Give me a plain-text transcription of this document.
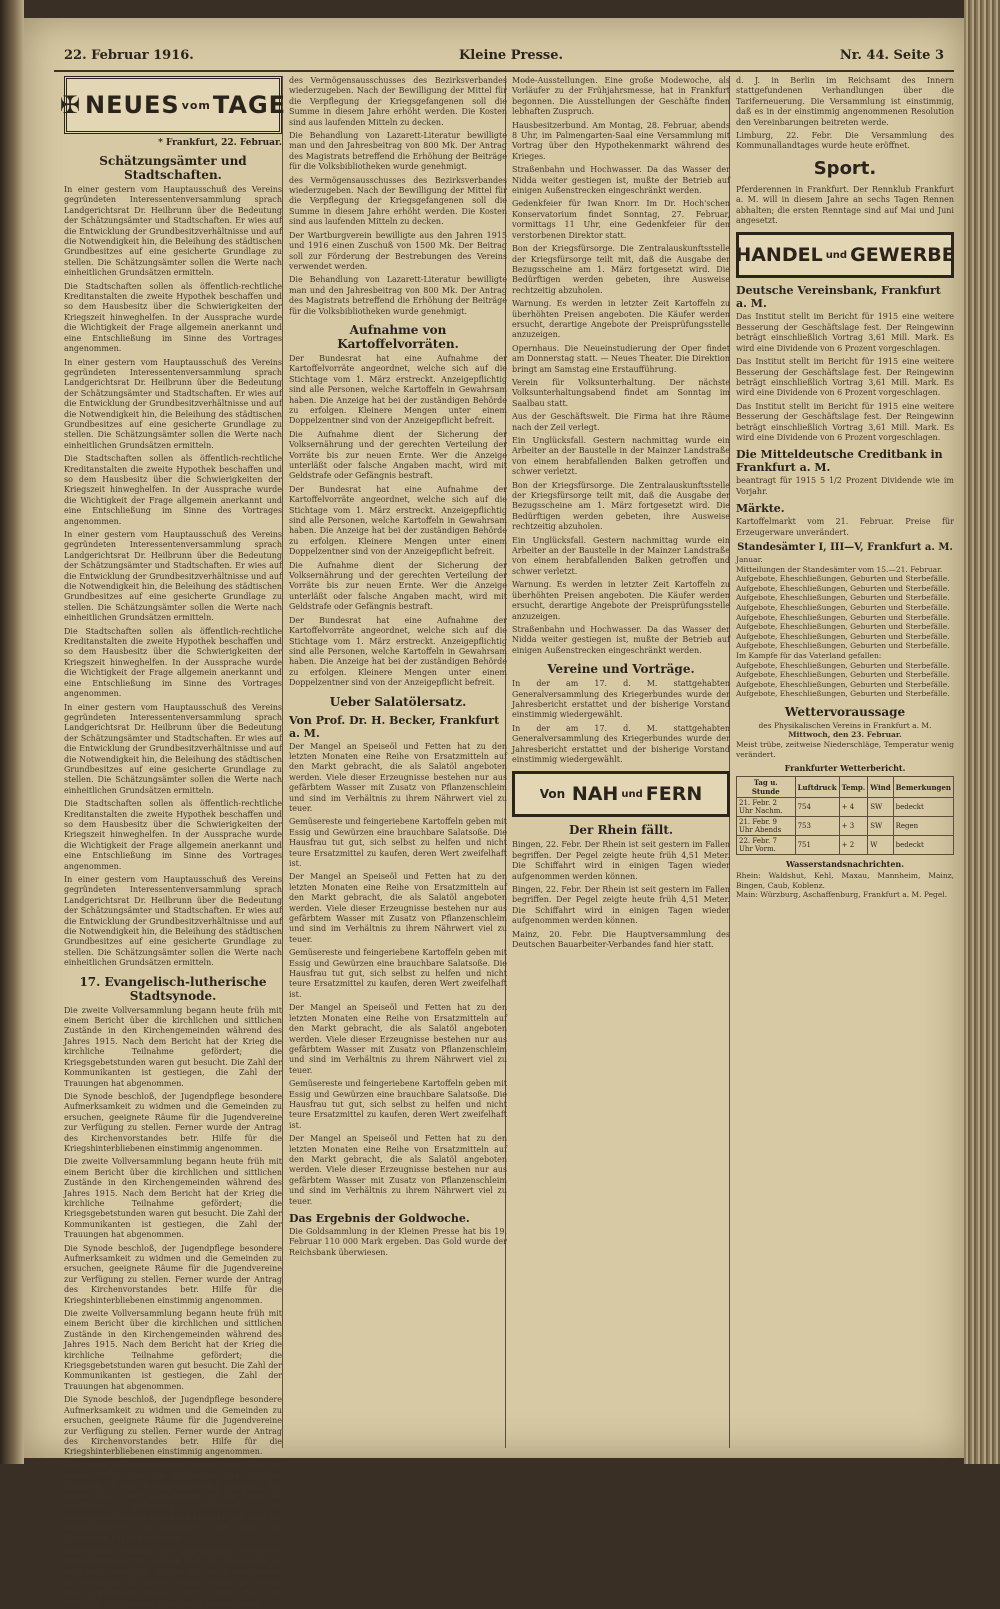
22. Februar 1916.	Kleine Presse.	Nr. 44. Seite 3
✠ NEUES vom TAGE
* Frankfurt, 22. Februar.
Schätzungsämter und Stadtschaften.

In einer gestern vom Hauptausschuß des Vereins gegründeten Interessentenversammlung sprach Landgerichtsrat Dr. Heilbrunn über die Bedeutung der Schätzungsämter und Stadtschaften. Er wies auf die Entwicklung der Grundbesitzverhältnisse und auf die Notwendigkeit hin, die Beleihung des städtischen Grundbesitzes auf eine gesicherte Grundlage zu stellen. Die Schätzungsämter sollen die Werte nach einheitlichen Grundsätzen ermitteln.

Die Stadtschaften sollen als öffentlich-rechtliche Kreditanstalten die zweite Hypothek beschaffen und so dem Hausbesitz über die Schwierigkeiten der Kriegszeit hinweghelfen. In der Aussprache wurde die Wichtigkeit der Frage allgemein anerkannt und eine Entschließung im Sinne des Vortrages angenommen.

In einer gestern vom Hauptausschuß des Vereins gegründeten Interessentenversammlung sprach Landgerichtsrat Dr. Heilbrunn über die Bedeutung der Schätzungsämter und Stadtschaften. Er wies auf die Entwicklung der Grundbesitzverhältnisse und auf die Notwendigkeit hin, die Beleihung des städtischen Grundbesitzes auf eine gesicherte Grundlage zu stellen. Die Schätzungsämter sollen die Werte nach einheitlichen Grundsätzen ermitteln.

Die Stadtschaften sollen als öffentlich-rechtliche Kreditanstalten die zweite Hypothek beschaffen und so dem Hausbesitz über die Schwierigkeiten der Kriegszeit hinweghelfen. In der Aussprache wurde die Wichtigkeit der Frage allgemein anerkannt und eine Entschließung im Sinne des Vortrages angenommen.

In einer gestern vom Hauptausschuß des Vereins gegründeten Interessentenversammlung sprach Landgerichtsrat Dr. Heilbrunn über die Bedeutung der Schätzungsämter und Stadtschaften. Er wies auf die Entwicklung der Grundbesitzverhältnisse und auf die Notwendigkeit hin, die Beleihung des städtischen Grundbesitzes auf eine gesicherte Grundlage zu stellen. Die Schätzungsämter sollen die Werte nach einheitlichen Grundsätzen ermitteln.

Die Stadtschaften sollen als öffentlich-rechtliche Kreditanstalten die zweite Hypothek beschaffen und so dem Hausbesitz über die Schwierigkeiten der Kriegszeit hinweghelfen. In der Aussprache wurde die Wichtigkeit der Frage allgemein anerkannt und eine Entschließung im Sinne des Vortrages angenommen.

In einer gestern vom Hauptausschuß des Vereins gegründeten Interessentenversammlung sprach Landgerichtsrat Dr. Heilbrunn über die Bedeutung der Schätzungsämter und Stadtschaften. Er wies auf die Entwicklung der Grundbesitzverhältnisse und auf die Notwendigkeit hin, die Beleihung des städtischen Grundbesitzes auf eine gesicherte Grundlage zu stellen. Die Schätzungsämter sollen die Werte nach einheitlichen Grundsätzen ermitteln.

Die Stadtschaften sollen als öffentlich-rechtliche Kreditanstalten die zweite Hypothek beschaffen und so dem Hausbesitz über die Schwierigkeiten der Kriegszeit hinweghelfen. In der Aussprache wurde die Wichtigkeit der Frage allgemein anerkannt und eine Entschließung im Sinne des Vortrages angenommen.

In einer gestern vom Hauptausschuß des Vereins gegründeten Interessentenversammlung sprach Landgerichtsrat Dr. Heilbrunn über die Bedeutung der Schätzungsämter und Stadtschaften. Er wies auf die Entwicklung der Grundbesitzverhältnisse und auf die Notwendigkeit hin, die Beleihung des städtischen Grundbesitzes auf eine gesicherte Grundlage zu stellen. Die Schätzungsämter sollen die Werte nach einheitlichen Grundsätzen ermitteln.

17. Evangelisch-lutherische Stadtsynode.

Die zweite Vollversammlung begann heute früh mit einem Bericht über die kirchlichen und sittlichen Zustände in den Kirchengemeinden während des Jahres 1915. Nach dem Bericht hat der Krieg die kirchliche Teilnahme gefördert; die Kriegsgebetstunden waren gut besucht. Die Zahl der Kommunikanten ist gestiegen, die Zahl der Trauungen hat abgenommen.

Die Synode beschloß, der Jugendpflege besondere Aufmerksamkeit zu widmen und die Gemeinden zu ersuchen, geeignete Räume für die Jugendvereine zur Verfügung zu stellen. Ferner wurde der Antrag des Kirchenvorstandes betr. Hilfe für die Kriegshinterbliebenen einstimmig angenommen.

Die zweite Vollversammlung begann heute früh mit einem Bericht über die kirchlichen und sittlichen Zustände in den Kirchengemeinden während des Jahres 1915. Nach dem Bericht hat der Krieg die kirchliche Teilnahme gefördert; die Kriegsgebetstunden waren gut besucht. Die Zahl der Kommunikanten ist gestiegen, die Zahl der Trauungen hat abgenommen.

Die Synode beschloß, der Jugendpflege besondere Aufmerksamkeit zu widmen und die Gemeinden zu ersuchen, geeignete Räume für die Jugendvereine zur Verfügung zu stellen. Ferner wurde der Antrag des Kirchenvorstandes betr. Hilfe für die Kriegshinterbliebenen einstimmig angenommen.

Die zweite Vollversammlung begann heute früh mit einem Bericht über die kirchlichen und sittlichen Zustände in den Kirchengemeinden während des Jahres 1915. Nach dem Bericht hat der Krieg die kirchliche Teilnahme gefördert; die Kriegsgebetstunden waren gut besucht. Die Zahl der Kommunikanten ist gestiegen, die Zahl der Trauungen hat abgenommen.

Die Synode beschloß, der Jugendpflege besondere Aufmerksamkeit zu widmen und die Gemeinden zu ersuchen, geeignete Räume für die Jugendvereine zur Verfügung zu stellen. Ferner wurde der Antrag des Kirchenvorstandes betr. Hilfe für die Kriegshinterbliebenen einstimmig angenommen.

Die zweite Vollversammlung begann heute früh mit einem Bericht über die kirchlichen und sittlichen Zustände in den Kirchengemeinden während des Jahres 1915. Nach dem Bericht hat der Krieg die kirchliche Teilnahme gefördert; die Kriegsgebetstunden waren gut besucht. Die Zahl der Kommunikanten ist gestiegen, die Zahl der Trauungen hat abgenommen.

Die Synode beschloß, der Jugendpflege besondere Aufmerksamkeit zu widmen und die Gemeinden zu ersuchen, geeignete Räume für die Jugendvereine zur Verfügung zu stellen. Ferner wurde der Antrag des Kirchenvorstandes betr. Hilfe für die Kriegshinterbliebenen einstimmig angenommen.

des Vermögensausschusses des Bezirksverbandes wiederzugeben. Nach der Bewilligung der Mittel für die Verpflegung der Kriegsgefangenen soll die Summe in diesem Jahre erhöht werden. Die Kosten sind aus laufenden Mitteln zu decken.

Die Behandlung von Lazarett-Literatur bewilligte man und den Jahresbeitrag von 800 Mk. Der Antrag des Magistrats betreffend die Erhöhung der Beiträge für die Volksbibliotheken wurde genehmigt.

des Vermögensausschusses des Bezirksverbandes wiederzugeben. Nach der Bewilligung der Mittel für die Verpflegung der Kriegsgefangenen soll die Summe in diesem Jahre erhöht werden. Die Kosten sind aus laufenden Mitteln zu decken.

Der Wartburgverein bewilligte aus den Jahren 1915 und 1916 einen Zuschuß von 1500 Mk. Der Beitrag soll zur Förderung der Bestrebungen des Vereins verwendet werden.

Die Behandlung von Lazarett-Literatur bewilligte man und den Jahresbeitrag von 800 Mk. Der Antrag des Magistrats betreffend die Erhöhung der Beiträge für die Volksbibliotheken wurde genehmigt.

Aufnahme von Kartoffelvorräten.

Der Bundesrat hat eine Aufnahme der Kartoffelvorräte angeordnet, welche sich auf die Stichtage vom 1. März erstreckt. Anzeigepflichtig sind alle Personen, welche Kartoffeln in Gewahrsam haben. Die Anzeige hat bei der zuständigen Behörde zu erfolgen. Kleinere Mengen unter einem Doppelzentner sind von der Anzeigepflicht befreit.

Die Aufnahme dient der Sicherung der Volksernährung und der gerechten Verteilung der Vorräte bis zur neuen Ernte. Wer die Anzeige unterläßt oder falsche Angaben macht, wird mit Geldstrafe oder Gefängnis bestraft.

Der Bundesrat hat eine Aufnahme der Kartoffelvorräte angeordnet, welche sich auf die Stichtage vom 1. März erstreckt. Anzeigepflichtig sind alle Personen, welche Kartoffeln in Gewahrsam haben. Die Anzeige hat bei der zuständigen Behörde zu erfolgen. Kleinere Mengen unter einem Doppelzentner sind von der Anzeigepflicht befreit.

Die Aufnahme dient der Sicherung der Volksernährung und der gerechten Verteilung der Vorräte bis zur neuen Ernte. Wer die Anzeige unterläßt oder falsche Angaben macht, wird mit Geldstrafe oder Gefängnis bestraft.

Der Bundesrat hat eine Aufnahme der Kartoffelvorräte angeordnet, welche sich auf die Stichtage vom 1. März erstreckt. Anzeigepflichtig sind alle Personen, welche Kartoffeln in Gewahrsam haben. Die Anzeige hat bei der zuständigen Behörde zu erfolgen. Kleinere Mengen unter einem Doppelzentner sind von der Anzeigepflicht befreit.

Ueber Salatölersatz.
Von Prof. Dr. H. Becker, Frankfurt a. M.

Der Mangel an Speiseöl und Fetten hat zu den letzten Monaten eine Reihe von Ersatzmitteln auf den Markt gebracht, die als Salatöl angeboten werden. Viele dieser Erzeugnisse bestehen nur aus gefärbtem Wasser mit Zusatz von Pflanzenschleim und sind im Verhältnis zu ihrem Nährwert viel zu teuer.

Gemüsereste und feingeriebene Kartoffeln geben mit Essig und Gewürzen eine brauchbare Salatsoße. Die Hausfrau tut gut, sich selbst zu helfen und nicht teure Ersatzmittel zu kaufen, deren Wert zweifelhaft ist.

Der Mangel an Speiseöl und Fetten hat zu den letzten Monaten eine Reihe von Ersatzmitteln auf den Markt gebracht, die als Salatöl angeboten werden. Viele dieser Erzeugnisse bestehen nur aus gefärbtem Wasser mit Zusatz von Pflanzenschleim und sind im Verhältnis zu ihrem Nährwert viel zu teuer.

Gemüsereste und feingeriebene Kartoffeln geben mit Essig und Gewürzen eine brauchbare Salatsoße. Die Hausfrau tut gut, sich selbst zu helfen und nicht teure Ersatzmittel zu kaufen, deren Wert zweifelhaft ist.

Der Mangel an Speiseöl und Fetten hat zu den letzten Monaten eine Reihe von Ersatzmitteln auf den Markt gebracht, die als Salatöl angeboten werden. Viele dieser Erzeugnisse bestehen nur aus gefärbtem Wasser mit Zusatz von Pflanzenschleim und sind im Verhältnis zu ihrem Nährwert viel zu teuer.

Gemüsereste und feingeriebene Kartoffeln geben mit Essig und Gewürzen eine brauchbare Salatsoße. Die Hausfrau tut gut, sich selbst zu helfen und nicht teure Ersatzmittel zu kaufen, deren Wert zweifelhaft ist.

Der Mangel an Speiseöl und Fetten hat zu den letzten Monaten eine Reihe von Ersatzmitteln auf den Markt gebracht, die als Salatöl angeboten werden. Viele dieser Erzeugnisse bestehen nur aus gefärbtem Wasser mit Zusatz von Pflanzenschleim und sind im Verhältnis zu ihrem Nährwert viel zu teuer.

Das Ergebnis der Goldwoche.

Die Goldsammlung in der Kleinen Presse hat bis 19. Februar 110 000 Mark ergeben. Das Gold wurde der Reichsbank überwiesen.

Mode-Ausstellungen. Eine große Modewoche, als Vorläufer zu der Frühjahrsmesse, hat in Frankfurt begonnen. Die Ausstellungen der Geschäfte finden lebhaften Zuspruch.

Hausbesitzerbund. Am Montag, 28. Februar, abends 8 Uhr, im Palmengarten-Saal eine Versammlung mit Vortrag über den Hypothekenmarkt während des Krieges.

Straßenbahn und Hochwasser. Da das Wasser der Nidda weiter gestiegen ist, mußte der Betrieb auf einigen Außenstrecken eingeschränkt werden.

Gedenkfeier für Iwan Knorr. Im Dr. Hoch'schen Konservatorium findet Sonntag, 27. Februar, vormittags 11 Uhr, eine Gedenkfeier für den verstorbenen Direktor statt.

Bon der Kriegsfürsorge. Die Zentralauskunftsstelle der Kriegsfürsorge teilt mit, daß die Ausgabe der Bezugsscheine am 1. März fortgesetzt wird. Die Bedürftigen werden gebeten, ihre Ausweise rechtzeitig abzuholen.

Warnung. Es werden in letzter Zeit Kartoffeln zu überhöhten Preisen angeboten. Die Käufer werden ersucht, derartige Angebote der Preisprüfungsstelle anzuzeigen.

Opernhaus. Die Neueinstudierung der Oper findet am Donnerstag statt. — Neues Theater. Die Direktion bringt am Samstag eine Erstaufführung.

Verein für Volksunterhaltung. Der nächste Volksunterhaltungsabend findet am Sonntag im Saalbau statt.

Aus der Geschäftswelt. Die Firma hat ihre Räume nach der Zeil verlegt.

Ein Unglücksfall. Gestern nachmittag wurde ein Arbeiter an der Baustelle in der Mainzer Landstraße von einem herabfallenden Balken getroffen und schwer verletzt.

Bon der Kriegsfürsorge. Die Zentralauskunftsstelle der Kriegsfürsorge teilt mit, daß die Ausgabe der Bezugsscheine am 1. März fortgesetzt wird. Die Bedürftigen werden gebeten, ihre Ausweise rechtzeitig abzuholen.

Ein Unglücksfall. Gestern nachmittag wurde ein Arbeiter an der Baustelle in der Mainzer Landstraße von einem herabfallenden Balken getroffen und schwer verletzt.

Warnung. Es werden in letzter Zeit Kartoffeln zu überhöhten Preisen angeboten. Die Käufer werden ersucht, derartige Angebote der Preisprüfungsstelle anzuzeigen.

Straßenbahn und Hochwasser. Da das Wasser der Nidda weiter gestiegen ist, mußte der Betrieb auf einigen Außenstrecken eingeschränkt werden.

Vereine und Vorträge.

In der am 17. d. M. stattgehabten Generalversammlung des Kriegerbundes wurde der Jahresbericht erstattet und der bisherige Vorstand einstimmig wiedergewählt.

In der am 17. d. M. stattgehabten Generalversammlung des Kriegerbundes wurde der Jahresbericht erstattet und der bisherige Vorstand einstimmig wiedergewählt.

Von
NAH und FERN
Der Rhein fällt.

Bingen, 22. Febr. Der Rhein ist seit gestern im Fallen begriffen. Der Pegel zeigte heute früh 4,51 Meter. Die Schiffahrt wird in einigen Tagen wieder aufgenommen werden können.

Bingen, 22. Febr. Der Rhein ist seit gestern im Fallen begriffen. Der Pegel zeigte heute früh 4,51 Meter. Die Schiffahrt wird in einigen Tagen wieder aufgenommen werden können.

Mainz, 20. Febr. Die Hauptversammlung des Deutschen Bauarbeiter-Verbandes fand hier statt.

d. J. in Berlin im Reichsamt des Innern stattgefundenen Verhandlungen über die Tariferneuerung. Die Versammlung ist einstimmig, daß es in der einstimmig angenommenen Resolution den Vereinbarungen beitreten werde.

Limburg, 22. Febr. Die Versammlung des Kommunallandtages wurde heute eröffnet.

Sport.

Pferderennen in Frankfurt. Der Rennklub Frankfurt a. M. will in diesem Jahre an sechs Tagen Rennen abhalten; die ersten Renntage sind auf Mai und Juni angesetzt.

HANDEL und GEWERBE
Deutsche Vereinsbank, Frankfurt a. M.

Das Institut stellt im Bericht für 1915 eine weitere Besserung der Geschäftslage fest. Der Reingewinn beträgt einschließlich Vortrag 3,61 Mill. Mark. Es wird eine Dividende von 6 Prozent vorgeschlagen.

Das Institut stellt im Bericht für 1915 eine weitere Besserung der Geschäftslage fest. Der Reingewinn beträgt einschließlich Vortrag 3,61 Mill. Mark. Es wird eine Dividende von 6 Prozent vorgeschlagen.

Das Institut stellt im Bericht für 1915 eine weitere Besserung der Geschäftslage fest. Der Reingewinn beträgt einschließlich Vortrag 3,61 Mill. Mark. Es wird eine Dividende von 6 Prozent vorgeschlagen.

Die Mitteldeutsche Creditbank in Frankfurt a. M.

beantragt für 1915 5 1/2 Prozent Dividende wie im Vorjahr.

Märkte.

Kartoffelmarkt vom 21. Februar. Preise für Erzeugerware unverändert.

Standesämter I, III—V, Frankfurt a. M.

Januar.

Mitteilungen der Standesämter vom 15.—21. Februar.

Aufgebote, Eheschließungen, Geburten und Sterbefälle.

Aufgebote, Eheschließungen, Geburten und Sterbefälle.

Aufgebote, Eheschließungen, Geburten und Sterbefälle.

Aufgebote, Eheschließungen, Geburten und Sterbefälle.

Aufgebote, Eheschließungen, Geburten und Sterbefälle.

Aufgebote, Eheschließungen, Geburten und Sterbefälle.

Aufgebote, Eheschließungen, Geburten und Sterbefälle.

Aufgebote, Eheschließungen, Geburten und Sterbefälle.

Im Kampfe für das Vaterland gefallen:

Aufgebote, Eheschließungen, Geburten und Sterbefälle.

Aufgebote, Eheschließungen, Geburten und Sterbefälle.

Aufgebote, Eheschließungen, Geburten und Sterbefälle.

Aufgebote, Eheschließungen, Geburten und Sterbefälle.

Wettervoraussage

des Physikalischen Vereins in Frankfurt a. M.

Mittwoch, den 23. Februar.

Meist trübe, zeitweise Niederschläge, Temperatur wenig verändert.

Frankfurter Wetterbericht.
Tag u. Stunde	Luftdruck	Temp.	Wind	Bemerkungen
21. Febr. 2 Uhr Nachm.	754	+ 4	SW	bedeckt
21. Febr. 9 Uhr Abends	753	+ 3	SW	Regen
22. Febr. 7 Uhr Vorm.	751	+ 2	W	bedeckt
Wasserstandsnachrichten.

Rhein: Waldshut, Kehl, Maxau, Mannheim, Mainz, Bingen, Caub, Koblenz.

Main: Würzburg, Aschaffenburg, Frankfurt a. M. Pegel.
